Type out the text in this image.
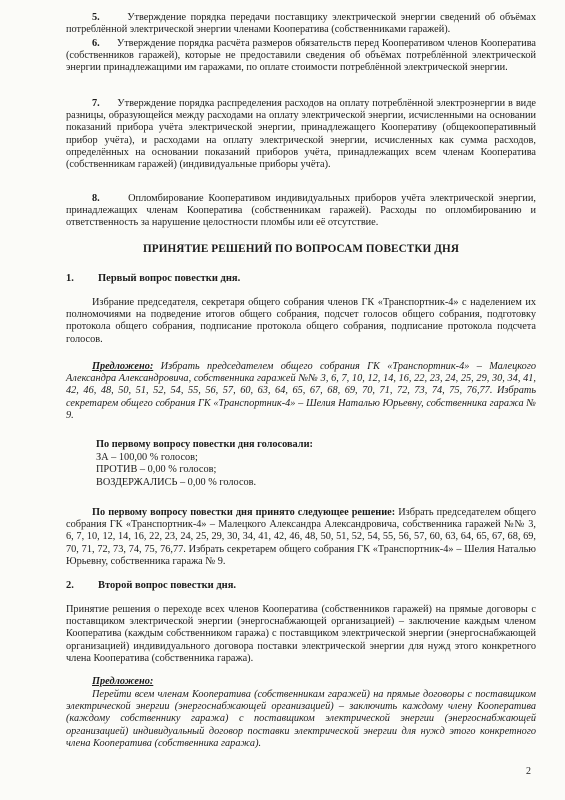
5.	Утверждение порядка передачи поставщику электрической энергии сведений об объёмах потреблённой электрической энергии членами Кооператива (собственниками гаражей).

6. Утверждение порядка расчёта размеров обязательств перед Кооперативом членов Кооператива (собственников гаражей), которые не предоставили сведения об объёмах потреблённой электрической энергии принадлежащими им гаражами, по оплате стоимости потреблённой электрической энергии.

7. Утверждение порядка распределения расходов на оплату потреблённой электроэнергии в виде разницы, образующейся между расходами на оплату электрической энергии, исчисленными на основании показаний прибора учёта электрической энергии, принадлежащего Кооперативу (общекооперативный прибор учёта), и расходами на оплату электрической энергии, исчисленных как сумма расходов, определённых на основании показаний приборов учёта, принадлежащих всем членам Кооператива (собственникам гаражей) (индивидуальные приборы учёта).

8.	Опломбирование Кооперативом индивидуальных приборов учёта электрической энергии, принадлежащих членам Кооператива (собственникам гаражей). Расходы по опломбированию и ответственность за нарушение целостности пломбы или её отсутствие.

ПРИНЯТИЕ РЕШЕНИЙ ПО ВОПРОСАМ ПОВЕСТКИ ДНЯ
1. Первый вопрос повестки дня.

Избрание председателя, секретаря общего собрания членов ГК «Транспортник-4» с наделением их полномочиями на подведение итогов общего собрания, подсчет голосов общего собрания, подготовку протокола общего собрания, подписание протокола общего собрания, подписание протокола подсчета голосов.

Предложено: Избрать председателем общего собрания ГК «Транспортник-4» – Малецкого Александра Александровича, собственника гаражей №№ 3, 6, 7, 10, 12, 14, 16, 22, 23, 24, 25, 29, 30, 34, 41, 42, 46, 48, 50, 51, 52, 54, 55, 56, 57, 60, 63, 64, 65, 67, 68, 69, 70, 71, 72, 73, 74, 75, 76,77. Избрать секретарем общего собрания ГК «Транспортник-4» – Шелия Наталью Юрьевну, собственника гаража № 9.

По первому вопросу повестки дня голосовали:
ЗА – 100,00 % голосов;
ПРОТИВ – 0,00 % голосов;
ВОЗДЕРЖАЛИСЬ – 0,00 % голосов.

По первому вопросу повестки дня принято следующее решение: Избрать председателем общего собрания ГК «Транспортник-4» – Малецкого Александра Александровича, собственника гаражей №№ 3, 6, 7, 10, 12, 14, 16, 22, 23, 24, 25, 29, 30, 34, 41, 42, 46, 48, 50, 51, 52, 54, 55, 56, 57, 60, 63, 64, 65, 67, 68, 69, 70, 71, 72, 73, 74, 75, 76,77. Избрать секретарем общего собрания ГК «Транспортник-4» – Шелия Наталью Юрьевну, собственника гаража № 9.

2. Второй вопрос повестки дня.

Принятие решения о переходе всех членов Кооператива (собственников гаражей) на прямые договоры с поставщиком электрической энергии (энергоснабжающей организацией) – заключение каждым членом Кооператива (каждым собственником гаража) с поставщиком электрической энергии (энергоснабжающей организацией) индивидуального договора поставки электрической энергии для нужд этого конкретного члена Кооператива (собственника гаража).

Предложено:

Перейти всем членам Кооператива (собственникам гаражей) на прямые договоры с поставщиком электрической энергии (энергоснабжающей организацией) – заключить каждому члену Кооператива (каждому собственнику гаража) с поставщиком электрической энергии (энергоснабжающей организацией) индивидуальный договор поставки электрической энергии для нужд этого конкретного члена Кооператива (собственника гаража).

2
